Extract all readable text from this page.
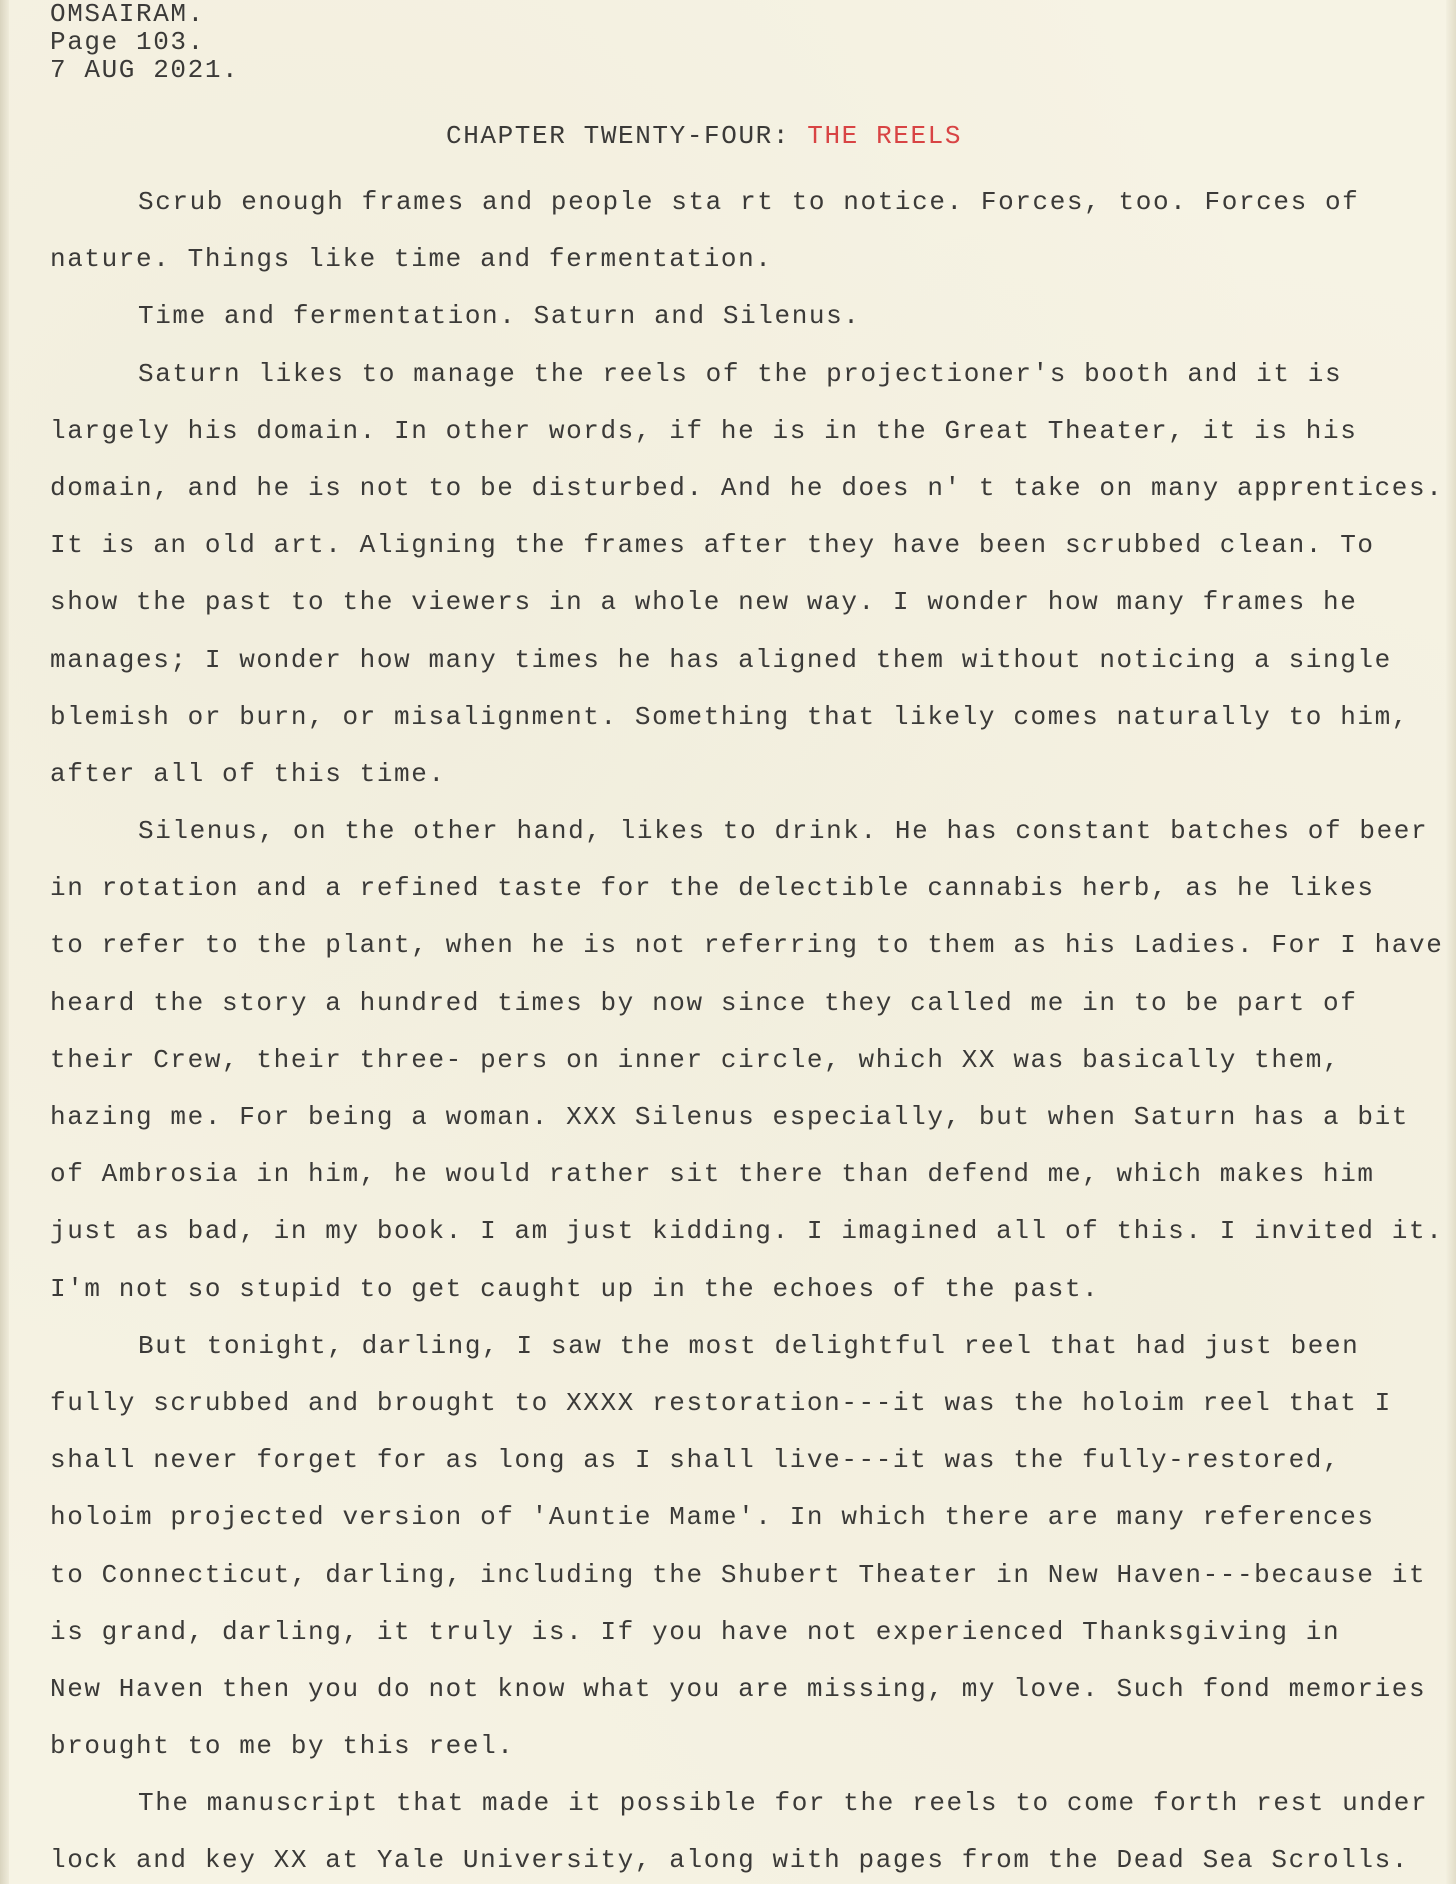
OMSAIRAM.
Page 103.
7 AUG 2021.
CHAPTER TWENTY-FOUR: THE REELS
Scrub enough frames and people sta rt to notice. Forces, too. Forces of
nature. Things like time and fermentation.
Time and fermentation. Saturn and Silenus.
Saturn likes to manage the reels of the projectioner's booth and it is
largely his domain. In other words, if he is in the Great Theater, it is his
domain, and he is not to be disturbed. And he does n' t take on many apprentices.
It is an old art. Aligning the frames after they have been scrubbed clean. To
show the past to the viewers in a whole new way. I wonder how many frames he
manages; I wonder how many times he has aligned them without noticing a single
blemish or burn, or misalignment. Something that likely comes naturally to him,
after all of this time.
Silenus, on the other hand, likes to drink. He has constant batches of beer
in rotation and a refined taste for the delectible cannabis herb, as he likes
to refer to the plant, when he is not referring to them as his Ladies. For I have
heard the story a hundred times by now since they called me in to be part of
their Crew, their three- pers on inner circle, which XX was basically them,
hazing me. For being a woman. XXX Silenus especially, but when Saturn has a bit
of Ambrosia in him, he would rather sit there than defend me, which makes him
just as bad, in my book. I am just kidding. I imagined all of this. I invited it.
I'm not so stupid to get caught up in the echoes of the past.
But tonight, darling, I saw the most delightful reel that had just been
fully scrubbed and brought to XXXX restoration---it was the holoim reel that I
shall never forget for as long as I shall live---it was the fully-restored,
holoim projected version of 'Auntie Mame'. In which there are many references
to Connecticut, darling, including the Shubert Theater in New Haven---because it
is grand, darling, it truly is. If you have not experienced Thanksgiving in
New Haven then you do not know what you are missing, my love. Such fond memories
brought to me by this reel.
The manuscript that made it possible for the reels to come forth rest under
lock and key XX at Yale University, along with pages from the Dead Sea Scrolls.
